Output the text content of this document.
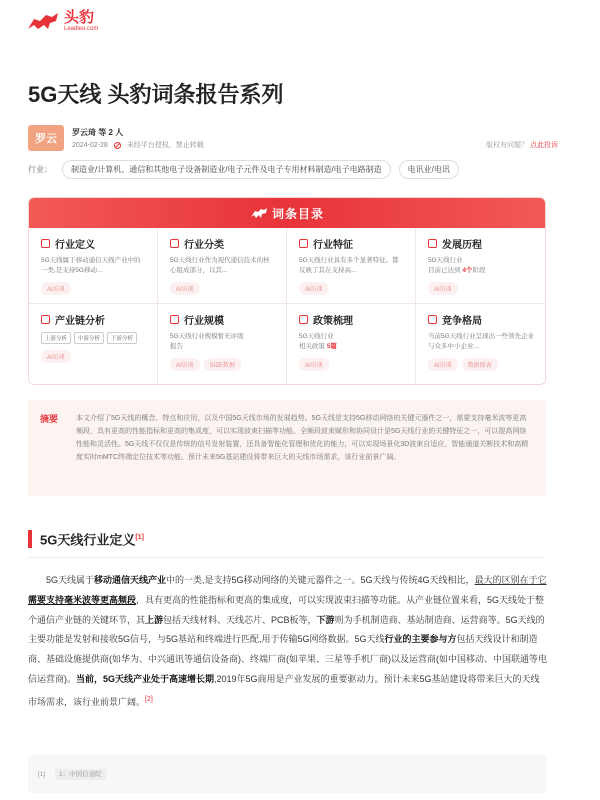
头豹
Leadleo.com
5G天线 头豹词条报告系列
罗云
罗云琦 等 2 人
2024-02-28	未经平台授权，禁止转载	版权有问题？ 点此投诉
行业：	制造业/计算机、通信和其他电子设备制造业/电子元件及电子专用材料制造/电子电路制造	电讯业/电讯
词条目录
行业定义
5G天线属于移动通信天线产业中的一类,是支持5G移动...
AI访谈
行业分类
5G天线行业作为现代通信技术的核心组成部分，以其...
AI访谈
行业特征
5G天线行业具有多个显著特征。都反映了其在支持高...
AI访谈
发展历程
5G天线行业
目前已达到 4个阶段
AI访谈
产业链分析
上游分析	中游分析	下游分析
AI访谈
行业规模
5G天线行业规模暂无评级报告
AI访谈	SIZE数据
政策梳理
5G天线行业
相关政策 5篇
AI访谈
竞争格局
当前5G天线行业呈现出一些领先企业与众多中小企业...
AI访谈	数据图表
摘要	本文介绍了5G天线的概念、特点和应用，以及中国5G天线市场的发展趋势。5G天线是支持5G移动网络的关键元器件之一，需要支持毫米波等更高频段，具有更高的性能指标和更高的集成度，可以实现波束扫描等功能。全频段波束赋形和协同设计是5G天线行业的关键特征之一，可以提高网络性能和灵活性。5G天线不仅仅是传统的信号发射装置，还具备智能化管理和优化的能力，可以实现场景化3D波束自适应，智能通道关断技术和高精度实时mMTC终端定位技术等功能。预计未来5G基站建设将带来巨大的天线市场需求，该行业前景广阔。
5G天线行业定义[1]
5G天线属于移动通信天线产业中的一类,是支持5G移动网络的关键元器件之一。5G天线与传统4G天线相比，最大的区别在于它需要支持毫米波等更高频段，具有更高的性能指标和更高的集成度，可以实现波束扫描等功能。从产业链位置来看，5G天线处于整个通信产业链的关键环节，其上游包括天线材料、天线芯片、PCB板等，下游则为手机制造商、基站制造商、运营商等。5G天线的主要功能是发射和接收5G信号，与5G基站和终端进行匹配,用于传输5G网络数据。5G天线行业的主要参与方包括天线设计和制造商、基础设施提供商(如华为、中兴通讯等通信设备商)、终端厂商(如苹果、三星等手机厂商)以及运营商(如中国移动、中国联通等电信运营商)。当前，5G天线产业处于高速增长期,2019年5G商用是产业发展的重要驱动力。预计未来5G基站建设将带来巨大的天线市场需求，该行业前景广阔。[2]
[1] 1：中国信通院
